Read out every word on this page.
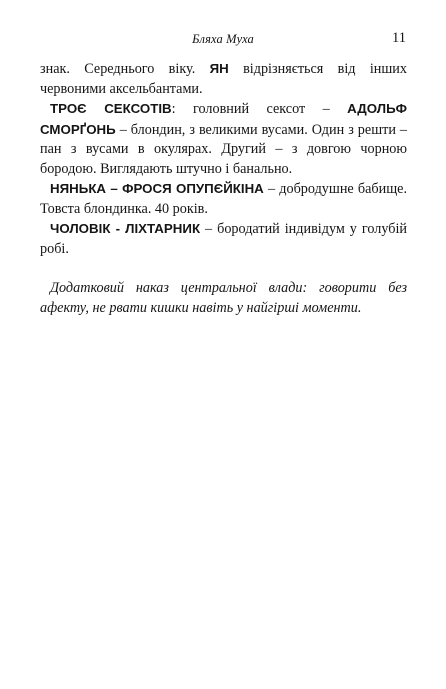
Бляха Муха	11

знак. Середнього віку. ЯН відрізняється від інших червоними аксельбантами.

ТРОЄ СЕКСОТІВ: головний сексот – АДОЛЬФ СМОРҐОНЬ – блондин, з великими вусами. Один з решти – пан з вусами в окулярах. Другий – з довгою чорною бородою. Виглядають штучно і банально.

НЯНЬКА – ФРОСЯ ОПУПЄЙКІНА – добродушне бабище. Товста блондинка. 40 років.

ЧОЛОВІК - ЛІХТАРНИК – бородатий індивідум у голубій робі.

Додатковий наказ центральної влади: говорити без афекту, не рвати кишки навіть у найгірші моменти.
